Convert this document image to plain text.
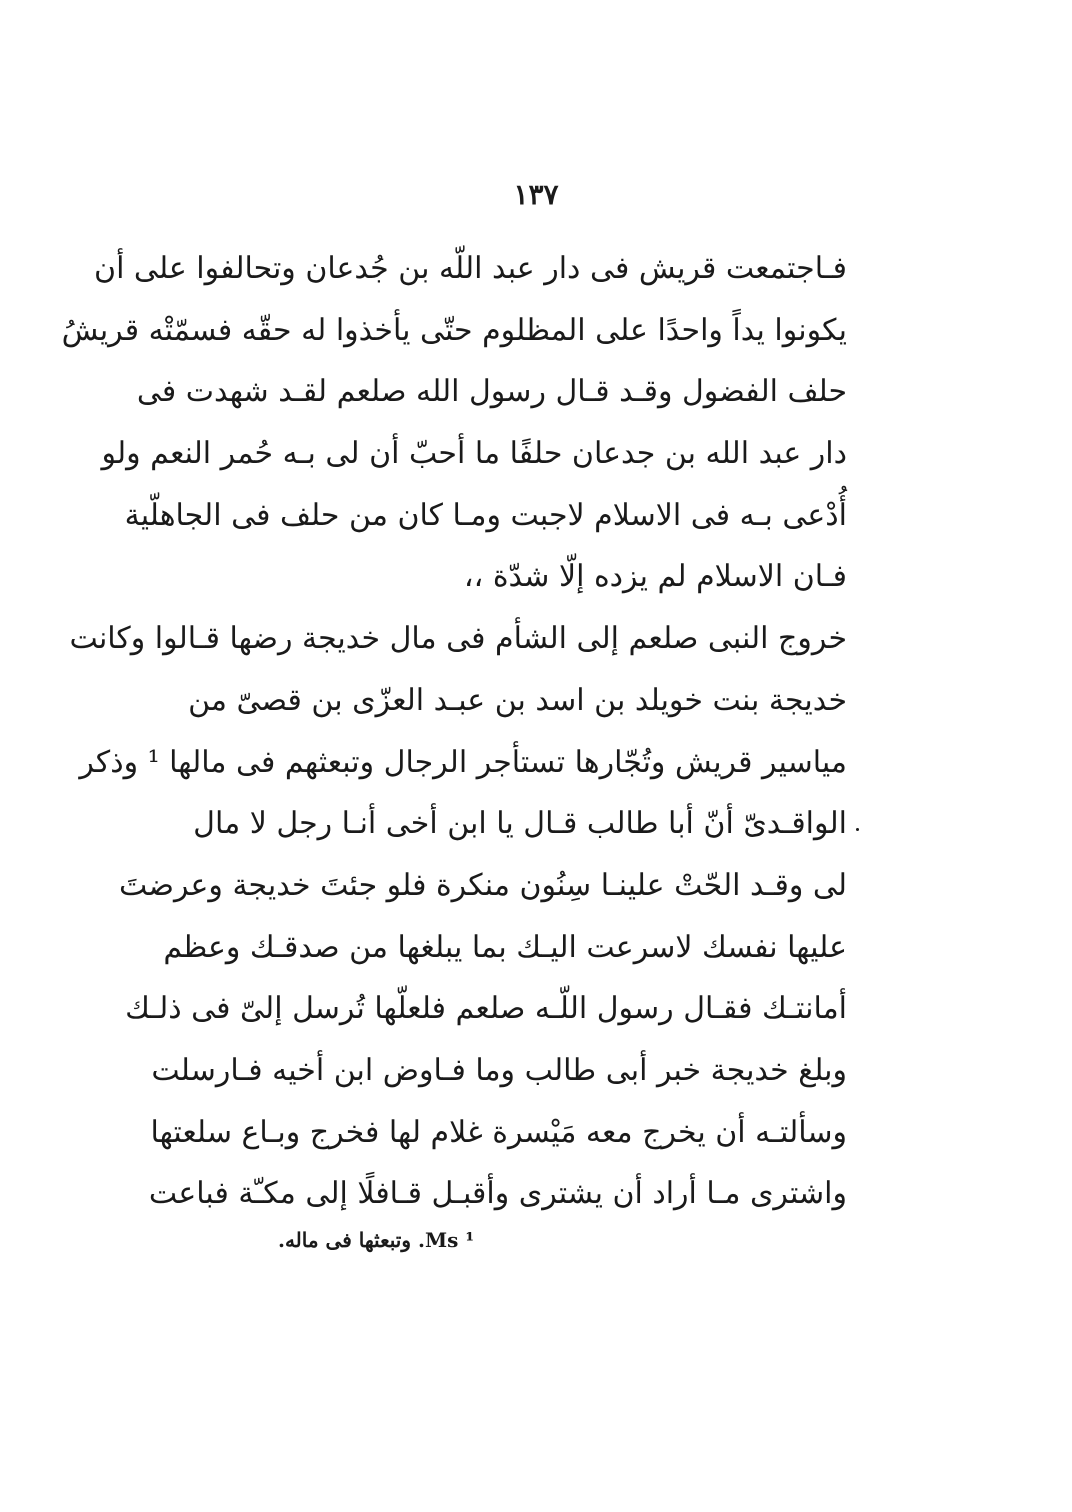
١٣٧
فـاجتمعت قريش فى دار عبد اللّه بن جُدعان وتحالفوا على أن
يكونوا يداً واحدًا على المظلوم حتّى يأخذوا له حقّه فسمّتْه قريشُ
حلف الفضول وقـد قـال رسول الله صلعم لقـد شهدت فى
دار عبد الله بن جدعان حلفًا ما أحبّ أن لى بـه حُمر النعم ولو
أُدْعى بـه فى الاسلام لاجبت ومـا كان من حلف فى الجاهلّية
فـان الاسلام لم يزده إلّا شدّة ،،
خروج النبى صلعم إلى الشأم فى مال خديجة رضها قـالوا وكانت
خديجة بنت خويلد بن اسد بن عبـد العزّى بن قصىّ من
مياسير قريش وتُجّارها تستأجر الرجال وتبعثهم فى مالها ¹ وذكر
الواقـدىّ أنّ أبا طالب قـال يا ابن أخى أنـا رجل لا مال
لى وقـد الحّتْ علينـا سِنُون منكرة فلو جئتَ خديجة وعرضتَ
عليها نفسك لاسرعت اليـك بما يبلغها من صدقـك وعظم
أمانتـك فقـال رسول اللّـه صلعم فلعلّها تُرسل إلىّ فى ذلـك
وبلغ خديجة خبر أبى طالب وما فـاوض ابن أخيه فـارسلت
وسألتـه أن يخرج معه مَيْسرة غلام لها فخرج وبـاع سلعتها
واشترى مـا أراد أن يشترى وأقبـل قـافلًا إلى مكـّة فباعت
¹ Ms. وتبعثها فى ماله.
